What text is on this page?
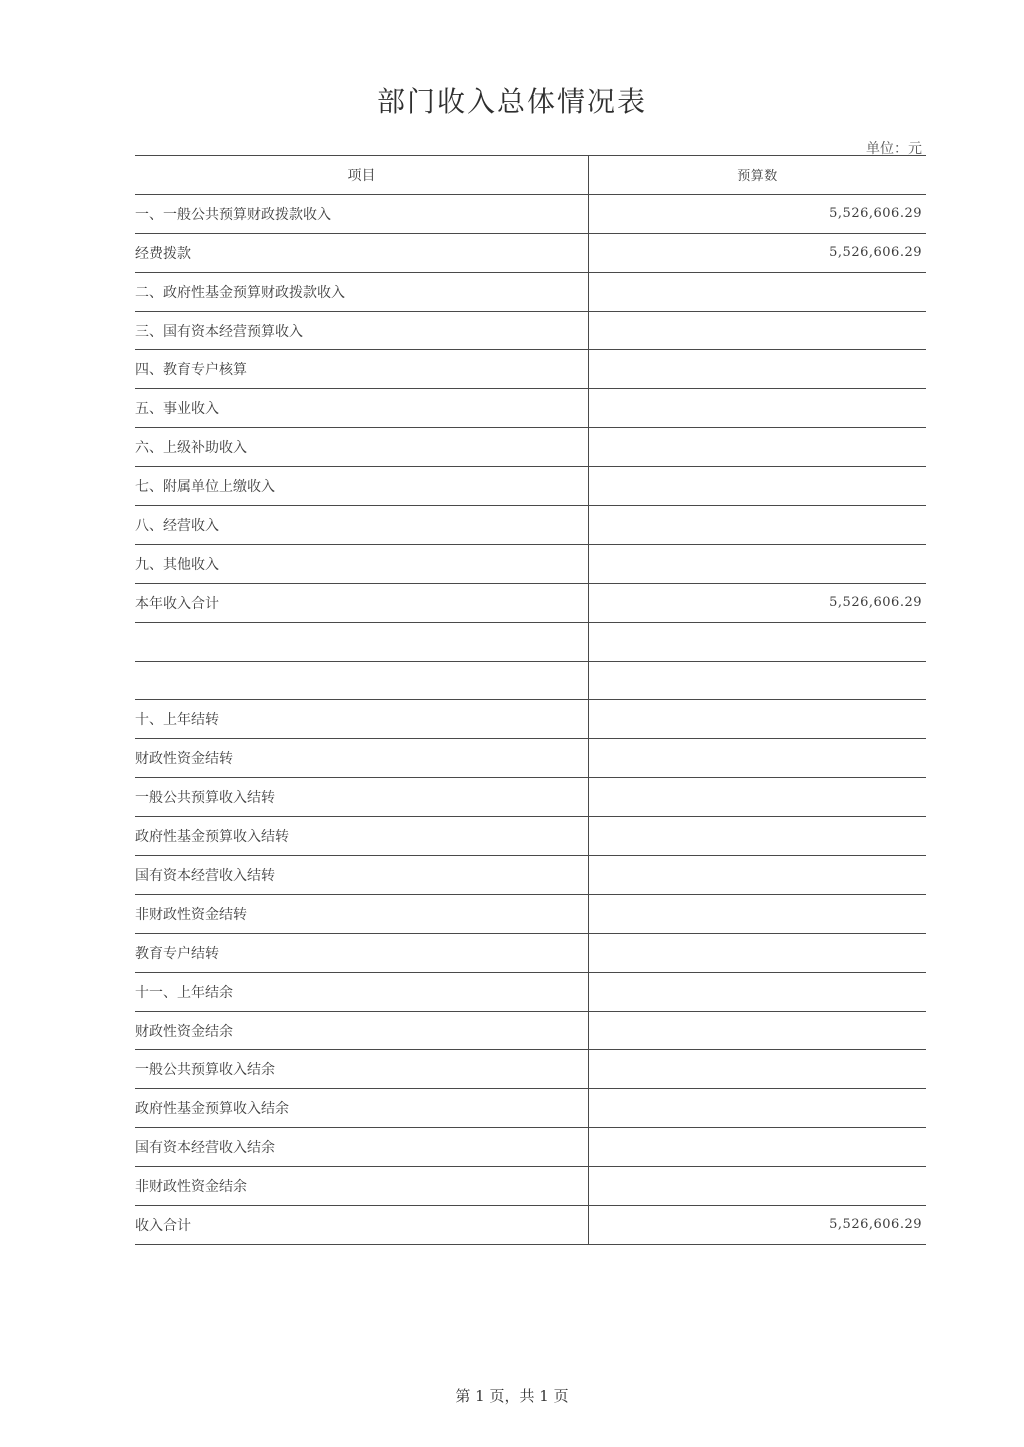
部门收入总体情况表
单位：元
项目	预算数
一、一般公共预算财政拨款收入	5,526,606.29
经费拨款	5,526,606.29
二、政府性基金预算财政拨款收入	
三、国有资本经营预算收入	
四、教育专户核算	
五、事业收入	
六、上级补助收入	
七、附属单位上缴收入	
八、经营收入	
九、其他收入	
本年收入合计	5,526,606.29

十、上年结转	
财政性资金结转	
一般公共预算收入结转	
政府性基金预算收入结转	
国有资本经营收入结转	
非财政性资金结转	
教育专户结转	
十一、上年结余	
财政性资金结余	
一般公共预算收入结余	
政府性基金预算收入结余	
国有资本经营收入结余	
非财政性资金结余	
收入合计	5,526,606.29
第 1 页，共 1 页
